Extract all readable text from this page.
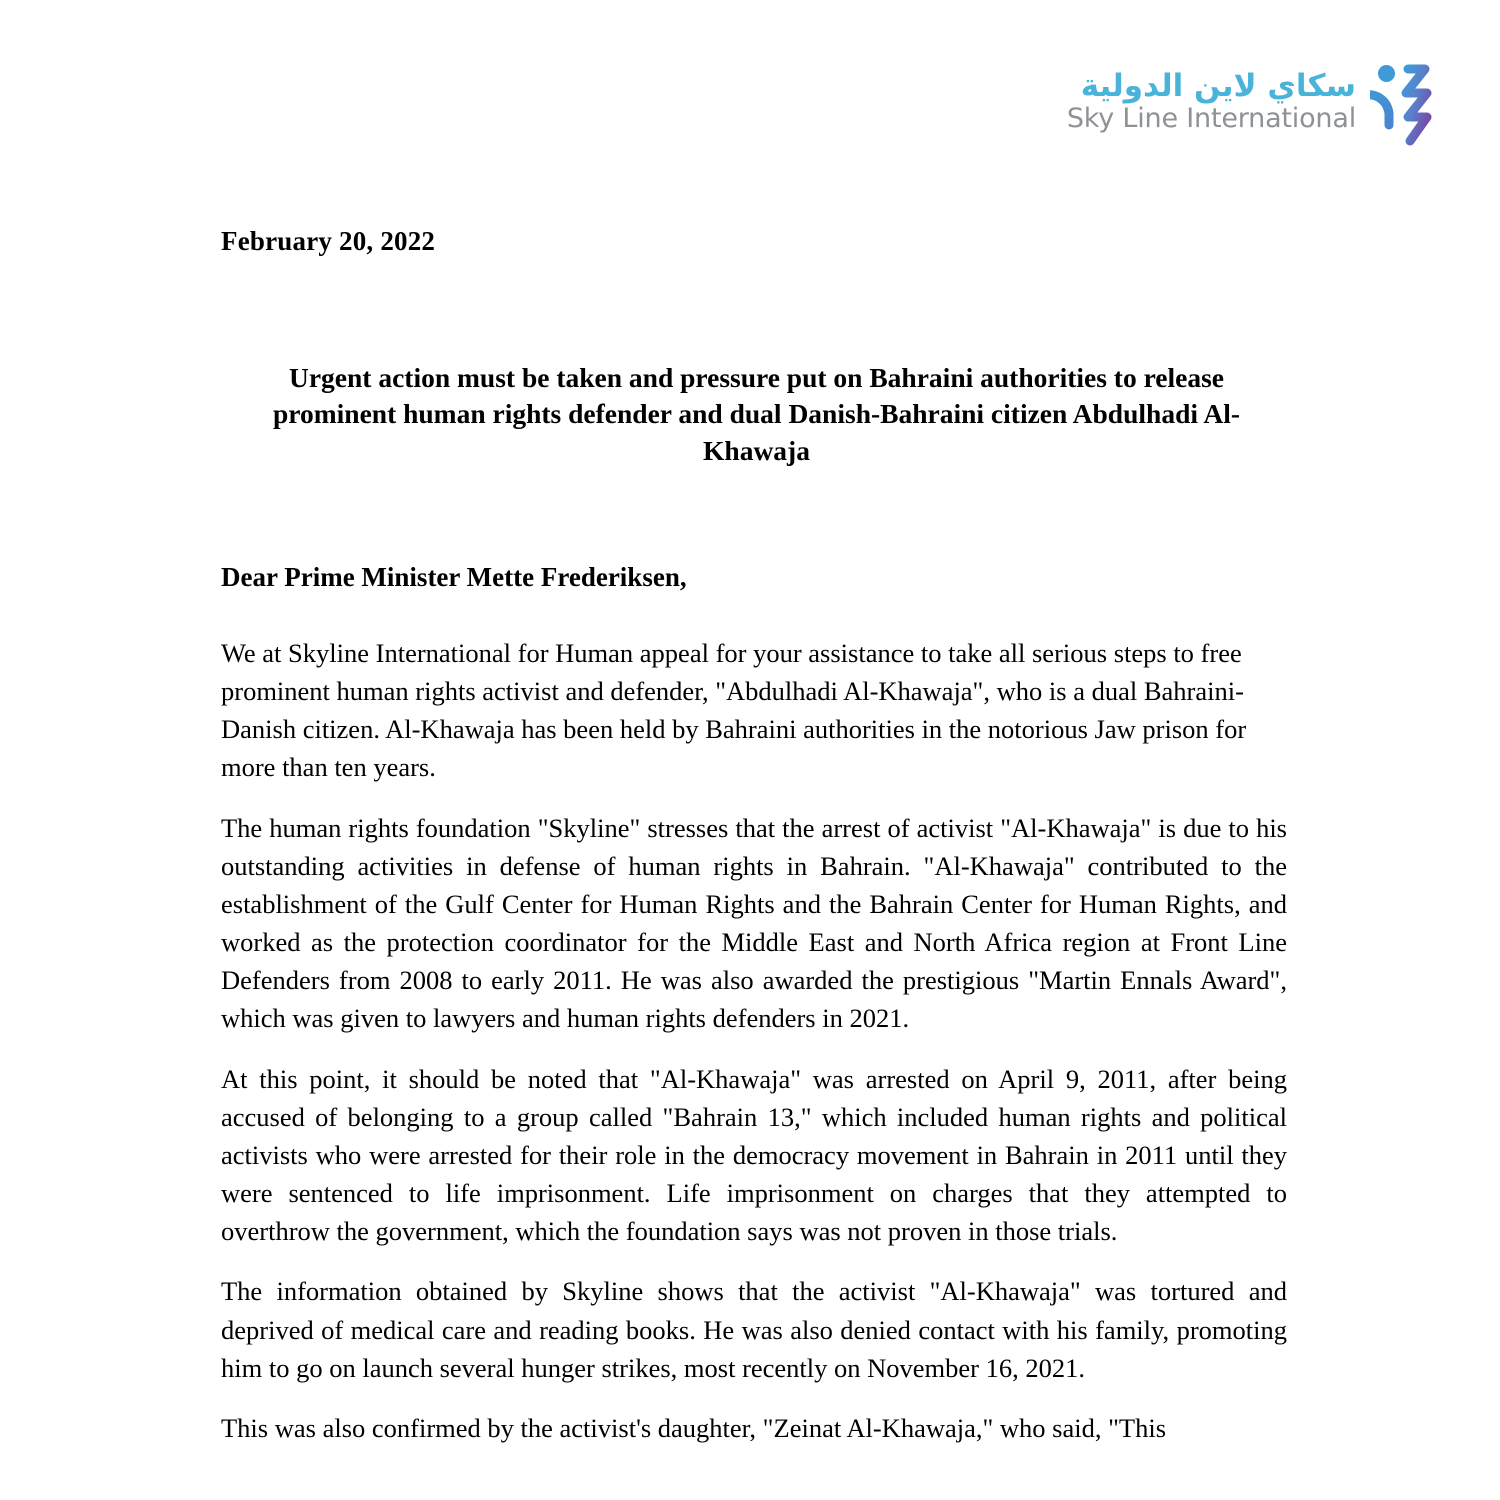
سكاي لاين الدولية
Sky Line International
February 20, 2022
Urgent action must be taken and pressure put on Bahraini authorities to release prominent human rights defender and dual Danish-Bahraini citizen Abdulhadi Al-Khawaja
Dear Prime Minister Mette Frederiksen,

We at Skyline International for Human appeal for your assistance to take all serious steps to free prominent human rights activist and defender, "Abdulhadi Al-Khawaja", who is a dual Bahraini-Danish citizen. Al-Khawaja has been held by Bahraini authorities in the notorious Jaw prison for more than ten years.

The human rights foundation "Skyline" stresses that the arrest of activist "Al-Khawaja" is due to his outstanding activities in defense of human rights in Bahrain. "Al-Khawaja" contributed to the establishment of the Gulf Center for Human Rights and the Bahrain Center for Human Rights, and worked as the protection coordinator for the Middle East and North Africa region at Front Line Defenders from 2008 to early 2011. He was also awarded the prestigious "Martin Ennals Award", which was given to lawyers and human rights defenders in 2021.

At this point, it should be noted that "Al-Khawaja" was arrested on April 9, 2011, after being accused of belonging to a group called "Bahrain 13," which included human rights and political activists who were arrested for their role in the democracy movement in Bahrain in 2011 until they were sentenced to life imprisonment. Life imprisonment on charges that they attempted to overthrow the government, which the foundation says was not proven in those trials.

The information obtained by Skyline shows that the activist "Al-Khawaja" was tortured and deprived of medical care and reading books. He was also denied contact with his family, promoting him to go on launch several hunger strikes, most recently on November 16, 2021.

This was also confirmed by the activist's daughter, "Zeinat Al-Khawaja," who said, "This
